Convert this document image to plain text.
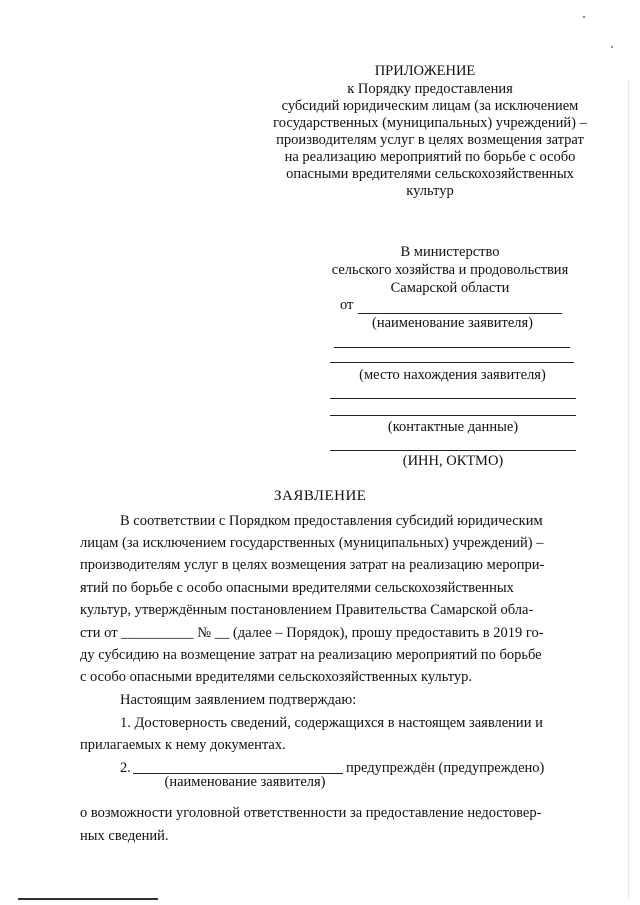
ПРИЛОЖЕНИЕ
к Порядку предоставления
субсидий юридическим лицам (за исключением
государственных (муниципальных) учреждений) –
производителям услуг в целях возмещения затрат
на реализацию мероприятий по борьбе с особо
опасными вредителями сельскохозяйственных
культур
В министерство
сельского хозяйства и продовольствия
Самарской области
от
(наименование заявителя)
(место нахождения заявителя)
(контактные данные)
(ИНН, ОКТМО)
ЗАЯВЛЕНИЕ
В соответствии с Порядком предоставления субсидий юридическим
лицам (за исключением государственных (муниципальных) учреждений) –
производителям услуг в целях возмещения затрат на реализацию меропри-
ятий по борьбе с особо опасными вредителями сельскохозяйственных
культур, утверждённым постановлением Правительства Самарской обла-
сти от __________ № __ (далее – Порядок), прошу предоставить в 2019 го-
ду субсидию на возмещение затрат на реализацию мероприятий по борьбе
с особо опасными вредителями сельскохозяйственных культур.
Настоящим заявлением подтверждаю:
1. Достоверность сведений, содержащихся в настоящем заявлении и
прилагаемых к нему документах.
2.	предупреждён (предупреждено)
(наименование заявителя)
о возможности уголовной ответственности за предоставление недостовер-
ных сведений.
